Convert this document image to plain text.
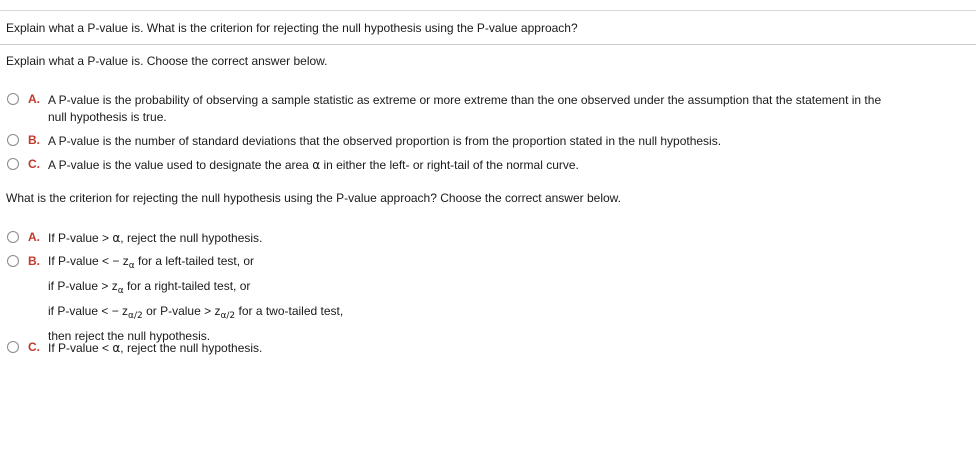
Explain what a P-value is. What is the criterion for rejecting the null hypothesis using the P-value approach?
Explain what a P-value is. Choose the correct answer below.
A. A P-value is the probability of observing a sample statistic as extreme or more extreme than the one observed under the assumption that the statement in the
null hypothesis is true.
B. A P-value is the number of standard deviations that the observed proportion is from the proportion stated in the null hypothesis.
C. A P-value is the value used to designate the area α in either the left- or right-tail of the normal curve.
What is the criterion for rejecting the null hypothesis using the P-value approach? Choose the correct answer below.
A. If P-value > α, reject the null hypothesis.
B. If P-value < − $z_\alpha$ for a left-tailed test, or
if P-value > $z_\alpha$ for a right-tailed test, or
if P-value < − $z_{\alpha/2}$ or P-value > $z_{\alpha/2}$ for a two-tailed test,
then reject the null hypothesis.
C. If P-value < α, reject the null hypothesis.
